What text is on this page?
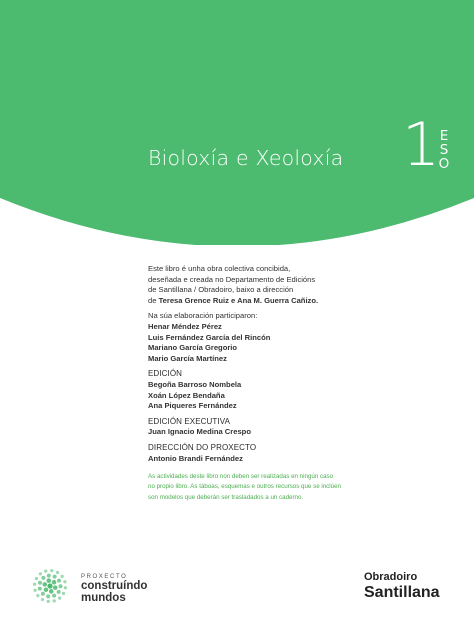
Bioloxía e Xeoloxía 1 E
S
O

Este libro é unha obra colectiva concibida,

deseñada e creada no Departamento de Edicións

de Santillana / Obradoiro, baixo a dirección

de Teresa Grence Ruiz e Ana M. Guerra Cañizo.

Na súa elaboración participaron:

Henar Méndez Pérez

Luis Fernández García del Rincón

Mariano García Gregorio

Mario García Martínez

EDICIÓN

Begoña Barroso Nombela

Xoán López Bendaña

Ana Piqueres Fernández

EDICIÓN EXECUTIVA

Juan Ignacio Medina Crespo

DIRECCIÓN DO PROXECTO

Antonio Brandi Fernández

As actividades deste libro non deben ser realizadas en ningún caso

no propio libro. As táboas, esquemas e outros recursos que se inclúen

son modelos que deberán ser trasladados a un caderno.

PROXECTO
construíndo
mundos
Obradoiro
Santillana
